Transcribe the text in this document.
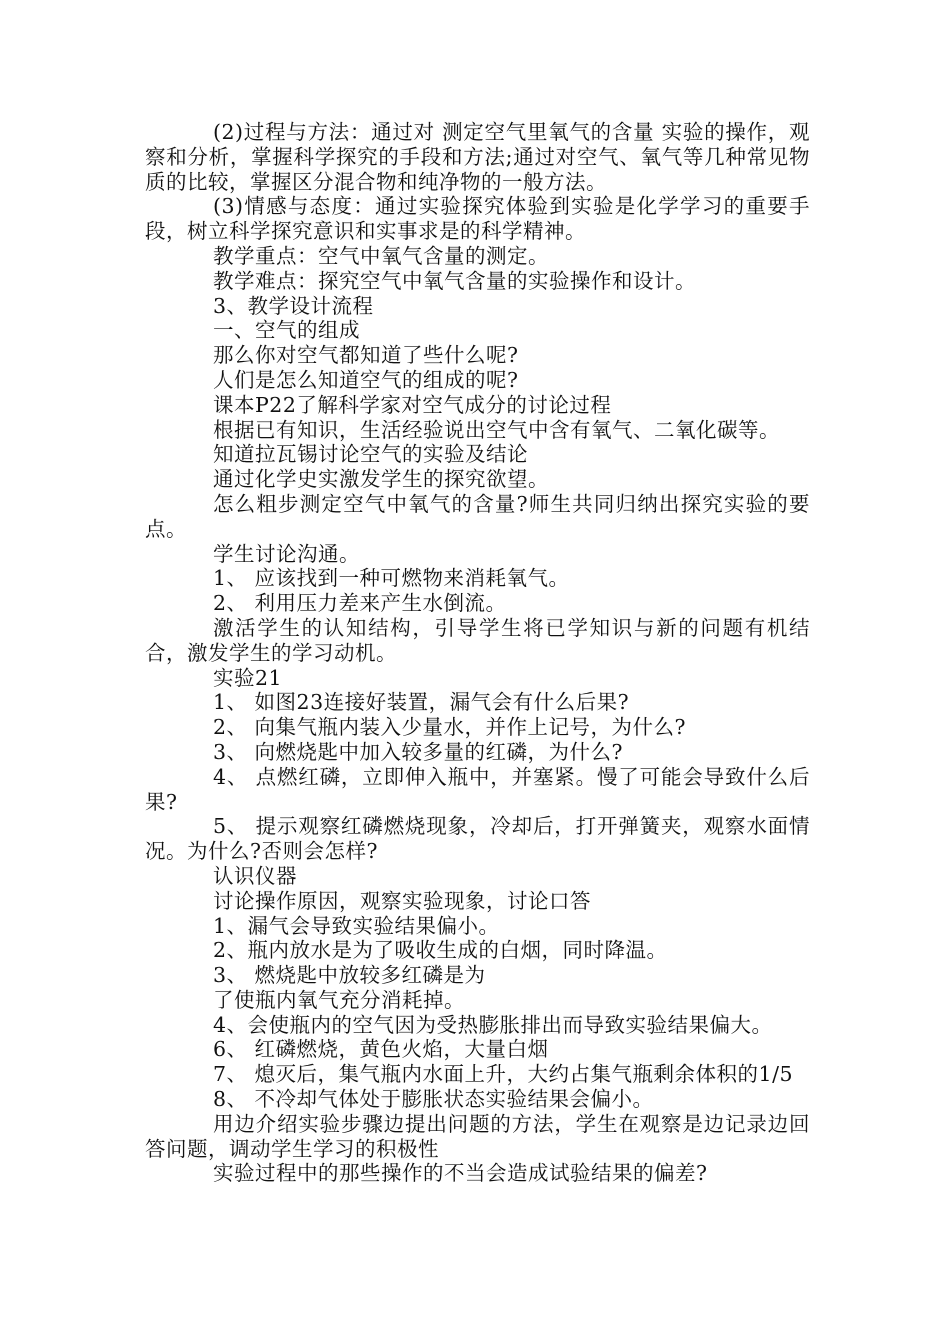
(2)过程与方法：通过对 测定空气里氧气的含量 实验的操作，观察和分析，掌握科学探究的手段和方法;通过对空气、氧气等几种常见物质的比较，掌握区分混合物和纯净物的一般方法。

(3)情感与态度：通过实验探究体验到实验是化学学习的重要手段，树立科学探究意识和实事求是的科学精神。

教学重点：空气中氧气含量的测定。

教学难点：探究空气中氧气含量的实验操作和设计。

3、教学设计流程

一、空气的组成

那么你对空气都知道了些什么呢?

人们是怎么知道空气的组成的呢?

课本P22了解科学家对空气成分的讨论过程

根据已有知识，生活经验说出空气中含有氧气、二氧化碳等。

知道拉瓦锡讨论空气的实验及结论

通过化学史实激发学生的探究欲望。

怎么粗步测定空气中氧气的含量?师生共同归纳出探究实验的要点。

学生讨论沟通。

1、 应该找到一种可燃物来消耗氧气。

2、 利用压力差来产生水倒流。

激活学生的认知结构，引导学生将已学知识与新的问题有机结合，激发学生的学习动机。

实验21

1、 如图23连接好装置，漏气会有什么后果?

2、 向集气瓶内装入少量水，并作上记号，为什么?

3、 向燃烧匙中加入较多量的红磷，为什么?

4、 点燃红磷，立即伸入瓶中，并塞紧。慢了可能会导致什么后果?

5、 提示观察红磷燃烧现象，冷却后，打开弹簧夹，观察水面情况。为什么?否则会怎样?

认识仪器

讨论操作原因，观察实验现象，讨论口答

1、漏气会导致实验结果偏小。

2、瓶内放水是为了吸收生成的白烟，同时降温。

3、 燃烧匙中放较多红磷是为

了使瓶内氧气充分消耗掉。

4、会使瓶内的空气因为受热膨胀排出而导致实验结果偏大。

6、 红磷燃烧，黄色火焰，大量白烟

7、 熄灭后，集气瓶内水面上升，大约占集气瓶剩余体积的1/5

8、 不冷却气体处于膨胀状态实验结果会偏小。

用边介绍实验步骤边提出问题的方法，学生在观察是边记录边回答问题，调动学生学习的积极性

实验过程中的那些操作的不当会造成试验结果的偏差?
